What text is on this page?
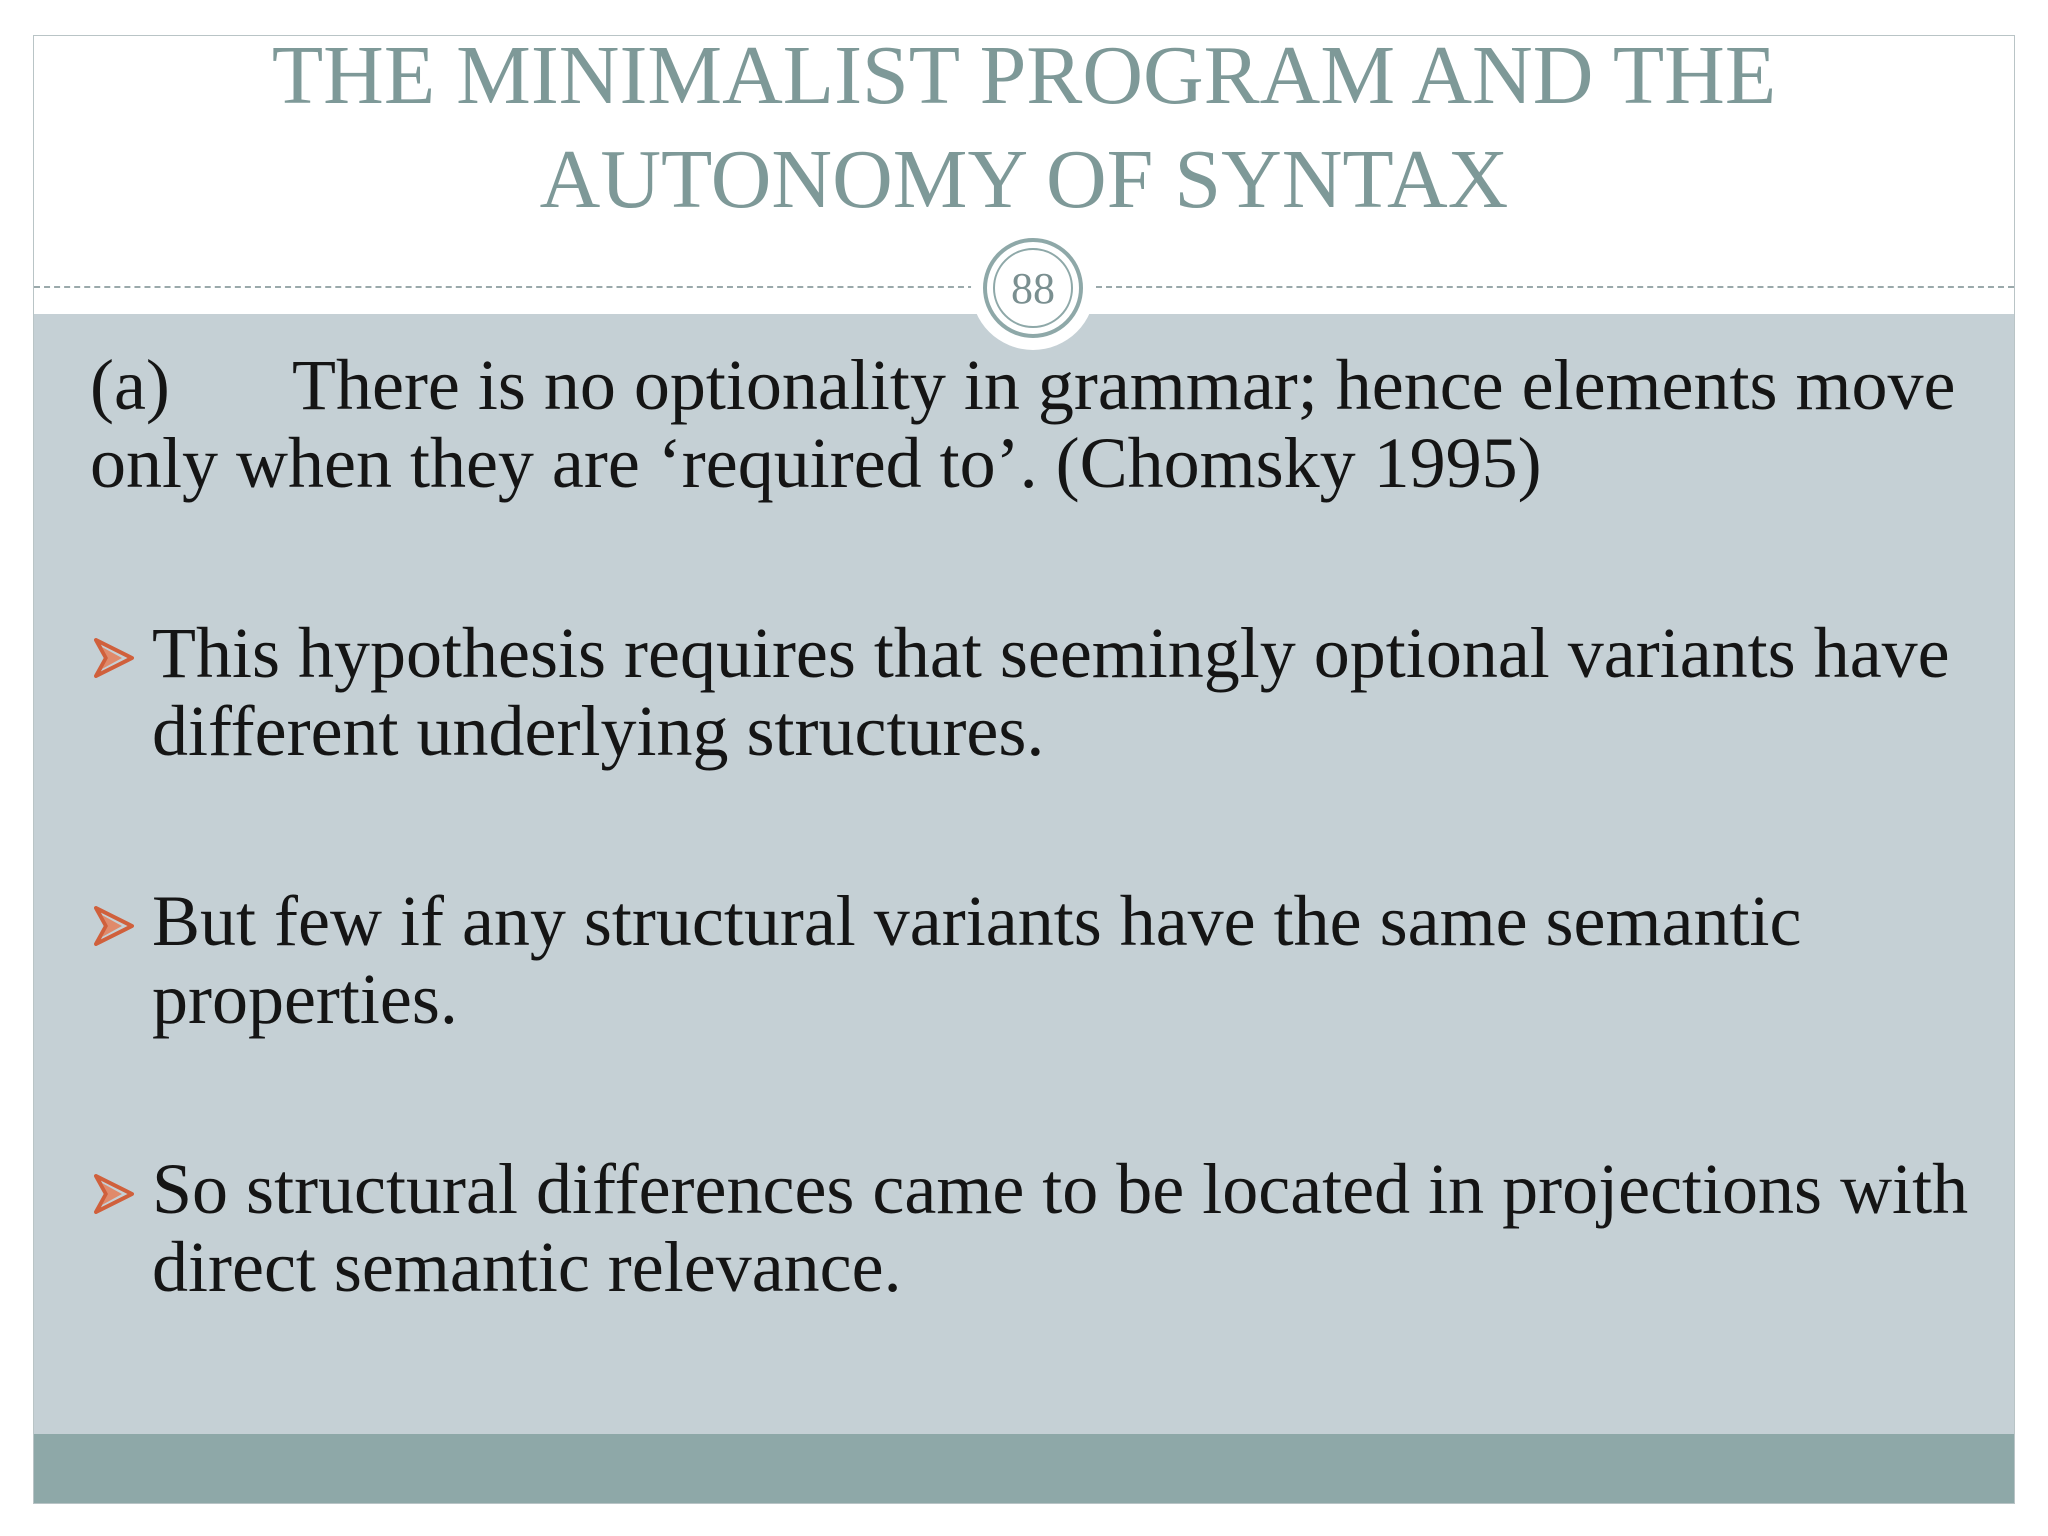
THE MINIMALIST PROGRAM AND THE
AUTONOMY OF SYNTAX
88
(a) There is no optionality in grammar; hence elements move only when they are ‘required to’. (Chomsky 1995)
This hypothesis requires that seemingly optional variants have different underlying structures.
But few if any structural variants have the same semantic properties.
So structural differences came to be located in projections with direct semantic relevance.
